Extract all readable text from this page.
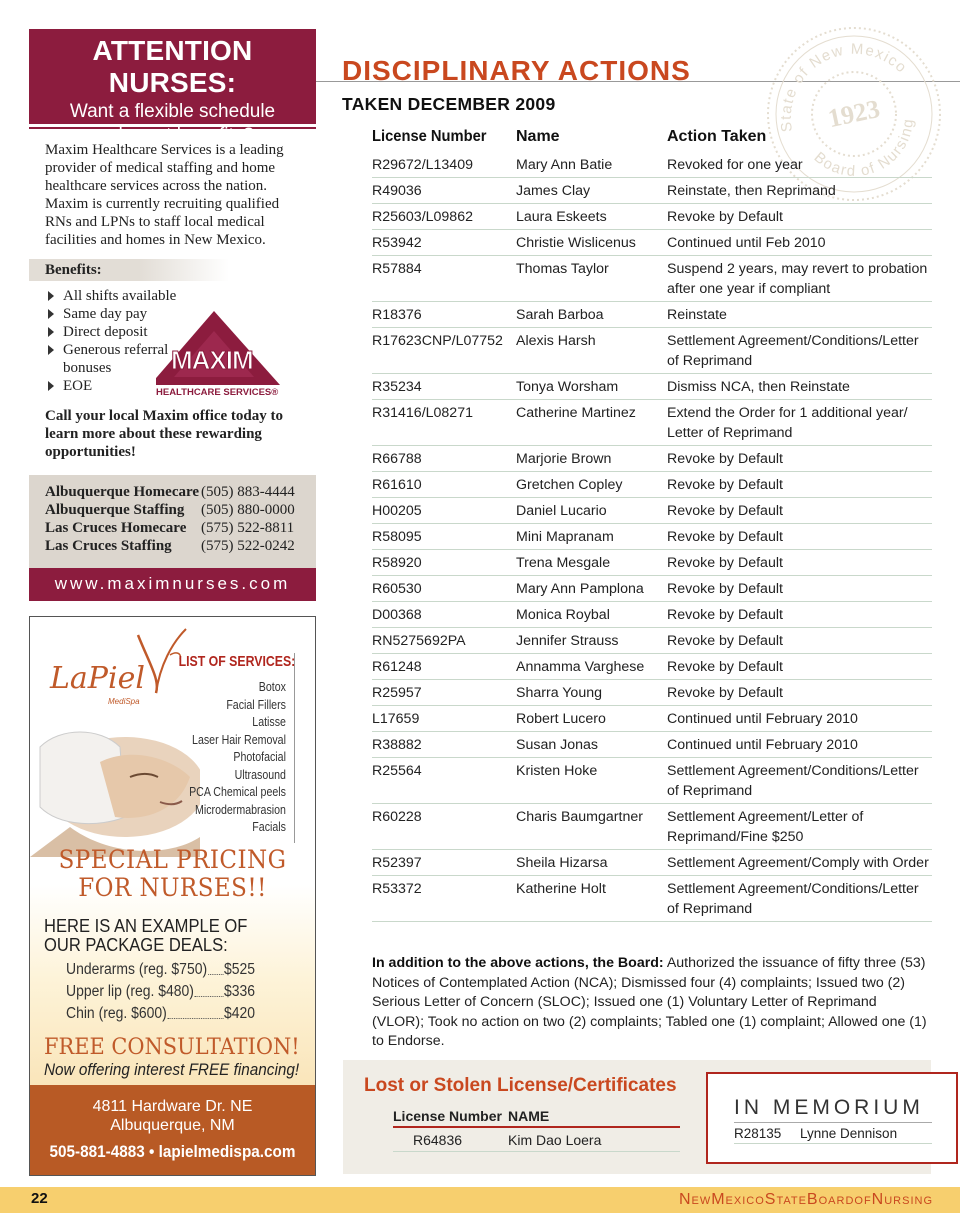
ATTENTION NURSES:
Want a flexible schedule
and great benefits?
Maxim Healthcare Services is a leading provider of medical staffing and home healthcare services across the nation. Maxim is currently recruiting qualified RNs and LPNs to staff local medical facilities and homes in New Mexico.
Benefits:
All shifts available
Same day pay
Direct deposit
Generous referral
bonuses
EOE
MAXIM
HEALTHCARE SERVICES®
Call your local Maxim office today to learn more about these rewarding opportunities!
Albuquerque Homecare (505) 883-4444
Albuquerque Staffing	(505) 880-0000
Las Cruces Homecare (575) 522-8811
Las Cruces Staffing	(575) 522-0242
www.maximnurses.com
LaPiel
MediSpa
LIST OF SERVICES:
Botox
Facial Fillers
Latisse
Laser Hair Removal
Photofacial
Ultrasound
PCA Chemical peels
Microdermabrasion
Facials
SPECIAL PRICING
FOR NURSES!!
HERE IS AN EXAMPLE OF
OUR PACKAGE DEALS:
Underarms (reg. $750) $525
Upper lip (reg. $480) $336
Chin (reg. $600)	$420
FREE CONSULTATION!
Now offering interest FREE financing!
4811 Hardware Dr. NE
Albuquerque, NM
505-881-4883 • lapielmedispa.com
DISCIPLINARY ACTIONS
TAKEN DECEMBER 2009
State of New Mexico
Board of Nursing
1923
License Number	Name	Action Taken
R29672/L13409	Mary Ann Batie	Revoked for one year
R49036	James Clay	Reinstate, then Reprimand
R25603/L09862	Laura Eskeets	Revoke by Default
R53942	Christie Wislicenus	Continued until Feb 2010
R57884	Thomas Taylor	Suspend 2 years, may revert to probation after one year if compliant
R18376	Sarah Barboa	Reinstate
R17623CNP/L07752 Alexis Harsh	Settlement Agreement/Conditions/Letter of Reprimand
R35234	Tonya Worsham	Dismiss NCA, then Reinstate
R31416/L08271	Catherine Martinez	Extend the Order for 1 additional year/ Letter of Reprimand
R66788	Marjorie Brown	Revoke by Default
R61610	Gretchen Copley	Revoke by Default
H00205	Daniel Lucario	Revoke by Default
R58095	Mini Mapranam	Revoke by Default
R58920	Trena Mesgale	Revoke by Default
R60530	Mary Ann Pamplona	Revoke by Default
D00368	Monica Roybal	Revoke by Default
RN5275692PA	Jennifer Strauss	Revoke by Default
R61248	Annamma Varghese	Revoke by Default
R25957	Sharra Young	Revoke by Default
L17659	Robert Lucero	Continued until February 2010
R38882	Susan Jonas	Continued until February 2010
R25564	Kristen Hoke	Settlement Agreement/Conditions/Letter of Reprimand
R60228	Charis Baumgartner	Settlement Agreement/Letter of Reprimand/Fine $250
R52397	Sheila Hizarsa	Settlement Agreement/Comply with Order
R53372	Katherine Holt	Settlement Agreement/Conditions/Letter of Reprimand
In addition to the above actions, the Board: Authorized the issuance of fifty three (53) Notices of Contemplated Action (NCA); Dismissed four (4) complaints; Issued two (2) Serious Letter of Concern (SLOC); Issued one (1) Voluntary Letter of Reprimand (VLOR); Took no action on two (2) complaints; Tabled one (1) complaint; Allowed one (1) to Endorse.
Lost or Stolen License/Certificates
License Number NAME
R64836	Kim Dao Loera
IN MEMORIUM
R28135	Lynne Dennison
22	NewMexicoStateBoardofNursing
